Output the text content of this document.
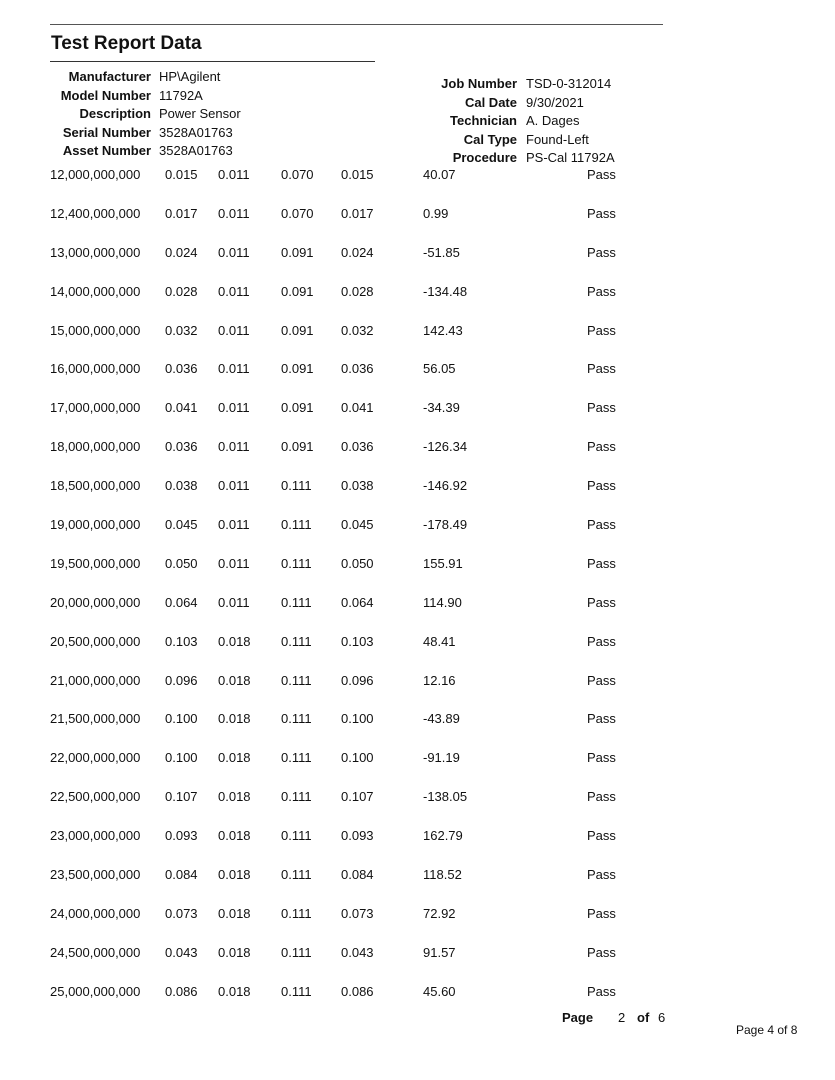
Test Report Data
Manufacturer HP\Agilent
Model Number 11792A
Description Power Sensor
Serial Number 3528A01763
Asset Number 3528A01763
Job Number TSD-0-312014
Cal Date 9/30/2021
Technician A. Dages
Cal Type Found-Left
Procedure PS-Cal 11792A
12,000,000,000 0.015 0.011 0.070 0.015	40.07	Pass
12,400,000,000 0.017 0.011 0.070 0.017	0.99	Pass
13,000,000,000 0.024 0.011 0.091 0.024	-51.85	Pass
14,000,000,000 0.028 0.011 0.091 0.028	-134.48	Pass
15,000,000,000 0.032 0.011 0.091 0.032	142.43	Pass
16,000,000,000 0.036 0.011 0.091 0.036	56.05	Pass
17,000,000,000 0.041 0.011 0.091 0.041	-34.39	Pass
18,000,000,000 0.036 0.011 0.091 0.036	-126.34	Pass
18,500,000,000 0.038 0.011 0.111 0.038	-146.92	Pass
19,000,000,000 0.045 0.011 0.111 0.045	-178.49	Pass
19,500,000,000 0.050 0.011 0.111 0.050	155.91	Pass
20,000,000,000 0.064 0.011 0.111 0.064	114.90	Pass
20,500,000,000 0.103 0.018 0.111 0.103	48.41	Pass
21,000,000,000 0.096 0.018 0.111 0.096	12.16	Pass
21,500,000,000 0.100 0.018 0.111 0.100	-43.89	Pass
22,000,000,000 0.100 0.018 0.111 0.100	-91.19	Pass
22,500,000,000 0.107 0.018 0.111 0.107	-138.05	Pass
23,000,000,000 0.093 0.018 0.111 0.093	162.79	Pass
23,500,000,000 0.084 0.018 0.111 0.084	118.52	Pass
24,000,000,000 0.073 0.018 0.111 0.073	72.92	Pass
24,500,000,000 0.043 0.018 0.111 0.043	91.57	Pass
25,000,000,000 0.086 0.018 0.111 0.086	45.60	Pass
Page 2 of 6
Page 4 of 8
